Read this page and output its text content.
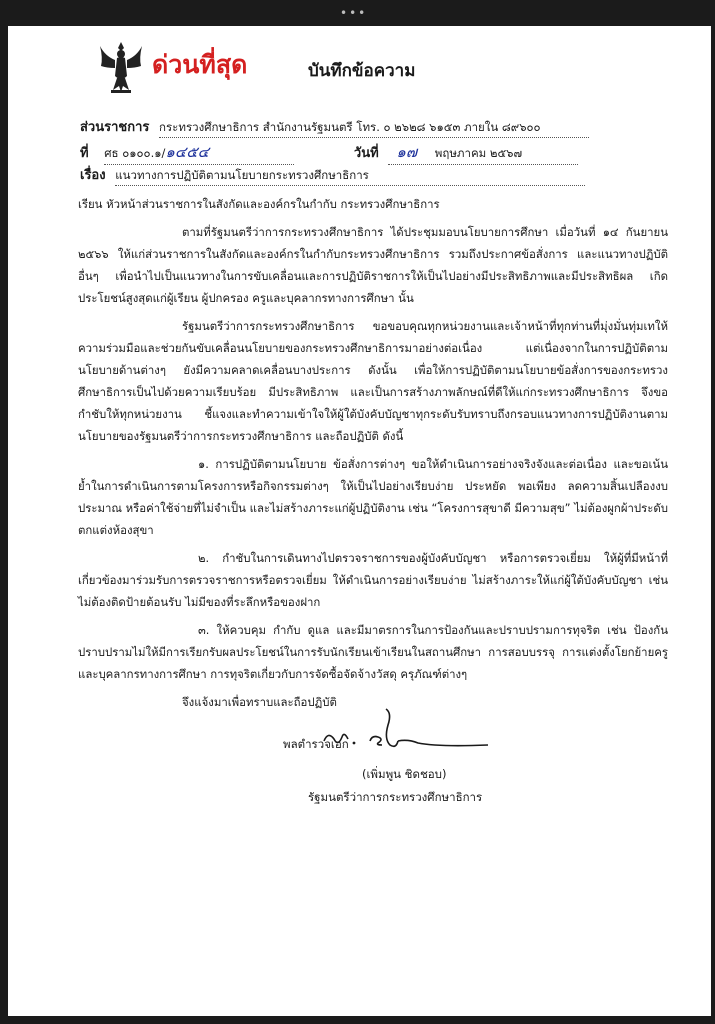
•••
ด่วนที่สุด	บันทึกข้อความ
ส่วนราชการ กระทรวงศึกษาธิการ สำนักงานรัฐมนตรี โทร. ๐ ๒๖๒๘ ๖๑๕๓ ภายใน ๘๙๖๐๐
ที่ ศธ ๐๑๐๐.๑/๑๔๕๔	วันที่ ๑๗ พฤษภาคม ๒๕๖๗
เรื่อง แนวทางการปฏิบัติตามนโยบายกระทรวงศึกษาธิการ

เรียน หัวหน้าส่วนราชการในสังกัดและองค์กรในกำกับ กระทรวงศึกษาธิการ

ตามที่รัฐมนตรีว่าการกระทรวงศึกษาธิการ ได้ประชุมมอบนโยบายการศึกษา เมื่อวันที่ ๑๔ กันยายน ๒๕๖๖ ให้แก่ส่วนราชการในสังกัดและองค์กรในกำกับกระทรวงศึกษาธิการ รวมถึงประกาศข้อสั่งการ และแนวทางปฏิบัติอื่นๆ เพื่อนำไปเป็นแนวทางในการขับเคลื่อนและการปฏิบัติราชการให้เป็นไปอย่างมีประสิทธิภาพและมีประสิทธิผล เกิดประโยชน์สูงสุดแก่ผู้เรียน ผู้ปกครอง ครูและบุคลากรทางการศึกษา นั้น

รัฐมนตรีว่าการกระทรวงศึกษาธิการ ขอขอบคุณทุกหน่วยงานและเจ้าหน้าที่ทุกท่านที่มุ่งมั่นทุ่มเทให้ความร่วมมือและช่วยกันขับเคลื่อนนโยบายของกระทรวงศึกษาธิการมาอย่างต่อเนื่อง แต่เนื่องจากในการปฏิบัติตามนโยบายด้านต่างๆ ยังมีความคลาดเคลื่อนบางประการ ดังนั้น เพื่อให้การปฏิบัติตามนโยบายข้อสั่งการของกระทรวงศึกษาธิการเป็นไปด้วยความเรียบร้อย มีประสิทธิภาพ และเป็นการสร้างภาพลักษณ์ที่ดีให้แก่กระทรวงศึกษาธิการ จึงขอกำชับให้ทุกหน่วยงาน ชี้แจงและทำความเข้าใจให้ผู้ใต้บังคับบัญชาทุกระดับรับทราบถึงกรอบแนวทางการปฏิบัติงานตามนโยบายของรัฐมนตรีว่าการกระทรวงศึกษาธิการ และถือปฏิบัติ ดังนี้

๑. การปฏิบัติตามนโยบาย ข้อสั่งการต่างๆ ขอให้ดำเนินการอย่างจริงจังและต่อเนื่อง และขอเน้นย้ำในการดำเนินการตามโครงการหรือกิจกรรมต่างๆ ให้เป็นไปอย่างเรียบง่าย ประหยัด พอเพียง ลดความสิ้นเปลืองงบประมาณ หรือค่าใช้จ่ายที่ไม่จำเป็น และไม่สร้างภาระแก่ผู้ปฏิบัติงาน เช่น “โครงการสุขาดี มีความสุข” ไม่ต้องผูกผ้าประดับตกแต่งห้องสุขา

๒. กำชับในการเดินทางไปตรวจราชการของผู้บังคับบัญชา หรือการตรวจเยี่ยม ให้ผู้ที่มีหน้าที่เกี่ยวข้องมาร่วมรับการตรวจราชการหรือตรวจเยี่ยม ให้ดำเนินการอย่างเรียบง่าย ไม่สร้างภาระให้แก่ผู้ใต้บังคับบัญชา เช่น ไม่ต้องติดป้ายต้อนรับ ไม่มีของที่ระลึกหรือของฝาก

๓. ให้ควบคุม กำกับ ดูแล และมีมาตรการในการป้องกันและปราบปรามการทุจริต เช่น ป้องกันปราบปรามไม่ให้มีการเรียกรับผลประโยชน์ในการรับนักเรียนเข้าเรียนในสถานศึกษา การสอบบรรจุ การแต่งตั้งโยกย้ายครูและบุคลากรทางการศึกษา การทุจริตเกี่ยวกับการจัดซื้อจัดจ้างวัสดุ ครุภัณฑ์ต่างๆ

จึงแจ้งมาเพื่อทราบและถือปฏิบัติ

พลตำรวจเอก
(เพิ่มพูน ชิดชอบ)
รัฐมนตรีว่าการกระทรวงศึกษาธิการ
